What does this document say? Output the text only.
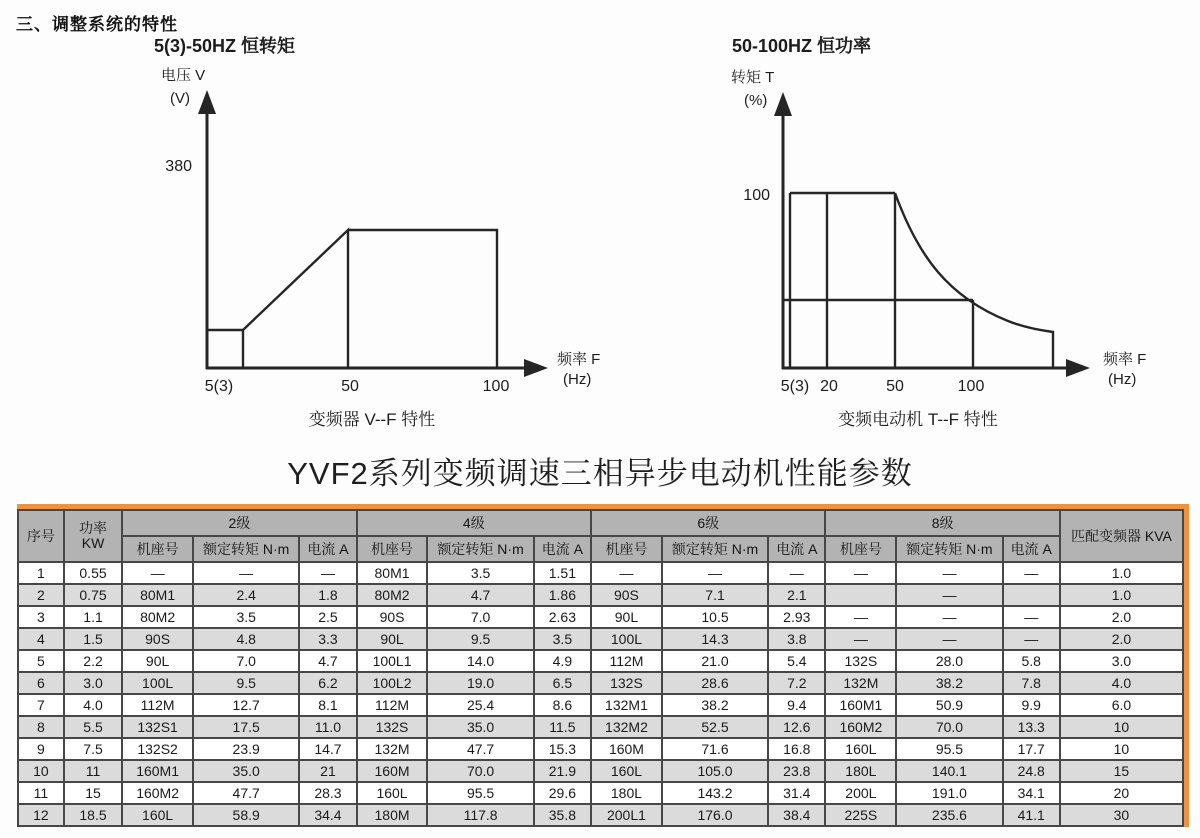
三、调整系统的特性
5(3)-50HZ 恒转矩
电压 V
(V)
380
5(3)	50	100
频率 F
(Hz)
变频器 V--F 特性
50-100HZ 恒功率
转矩 T
(%)
100
5(3) 20	50	100
频率 F
(Hz)
变频电动机 T--F 特性
YVF2系列变频调速三相异步电动机性能参数
序号	功率
KW	2级			4级			6级			8级			匹配变频器 KVA
		机座号	额定转矩 N·m	电流 A	机座号	额定转矩 N·m	电流 A	机座号	额定转矩 N·m	电流 A	机座号	额定转矩 N·m	电流 A	
1	0.55	—	—	—	80M1	3.5	1.51	—	—	—	—	—	—	1.0
2	0.75	80M1	2.4	1.8	80M2	4.7	1.86	90S	7.1	2.1		—		1.0
3	1.1	80M2	3.5	2.5	90S	7.0	2.63	90L	10.5	2.93	—	—	—	2.0
4	1.5	90S	4.8	3.3	90L	9.5	3.5	100L	14.3	3.8	—	—	—	2.0
5	2.2	90L	7.0	4.7	100L1	14.0	4.9	112M	21.0	5.4	132S	28.0	5.8	3.0
6	3.0	100L	9.5	6.2	100L2	19.0	6.5	132S	28.6	7.2	132M	38.2	7.8	4.0
7	4.0	112M	12.7	8.1	112M	25.4	8.6	132M1	38.2	9.4	160M1	50.9	9.9	6.0
8	5.5	132S1	17.5	11.0	132S	35.0	11.5	132M2	52.5	12.6	160M2	70.0	13.3	10
9	7.5	132S2	23.9	14.7	132M	47.7	15.3	160M	71.6	16.8	160L	95.5	17.7	10
10	11	160M1	35.0	21	160M	70.0	21.9	160L	105.0	23.8	180L	140.1	24.8	15
11	15	160M2	47.7	28.3	160L	95.5	29.6	180L	143.2	31.4	200L	191.0	34.1	20
12	18.5	160L	58.9	34.4	180M	117.8	35.8	200L1	176.0	38.4	225S	235.6	41.1	30
